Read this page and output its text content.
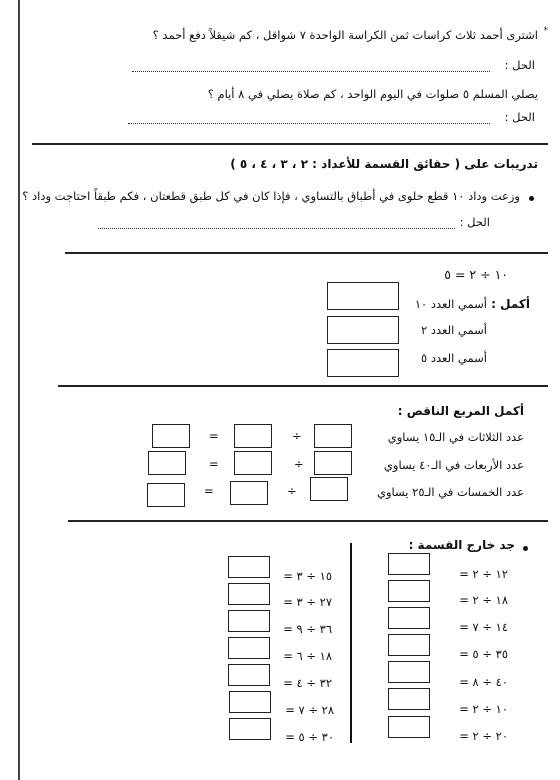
اشترى أحمد ثلاث كراسات ثمن الكراسة الواحدة ٧ شواقل ، كم شيقلاً دفع أحمد ؟ *
الحل :
يصلي المسلم ٥ صلوات في اليوم الواحد ، كم صلاة يصلي في ٨ أيام ؟
الحل :
تدريبات على ( حقائق القسمة للأعداد : ٢ ، ٣ ، ٤ ، ٥ )
وزعت وداد ١٠ قطع حلوى في أطباق بالتساوي ، فإذا كان في كل طبق قطعتان ، فكم طبقاً احتاجت وداد ؟
الحل :
١٠ ÷ ٢ = ٥
أكمل :
أسمي العدد ١٠
أسمي العدد ٢
أسمي العدد ٥
أكمل المربع الناقص :
عدد الثلاثات في الـ١٥ يساوي
÷
=
عدد الأربعات في الـ٤٠ يساوي
÷
=
عدد الخمسات في الـ٢٥ يساوي
÷
=
جد خارج القسمة :
١٢ ÷ ٢ =
١٨ ÷ ٢ =
١٤ ÷ ٧ =
٣٥ ÷ ٥ =
٤٠ ÷ ٨ =
١٠ ÷ ٢ =
٢٠ ÷ ٢ =
١٥ ÷ ٣ =
٢٧ ÷ ٣ =
٣٦ ÷ ٩ =
١٨ ÷ ٦ =
٣٢ ÷ ٤ =
٢٨ ÷ ٧ =
٣٠ ÷ ٥ =
